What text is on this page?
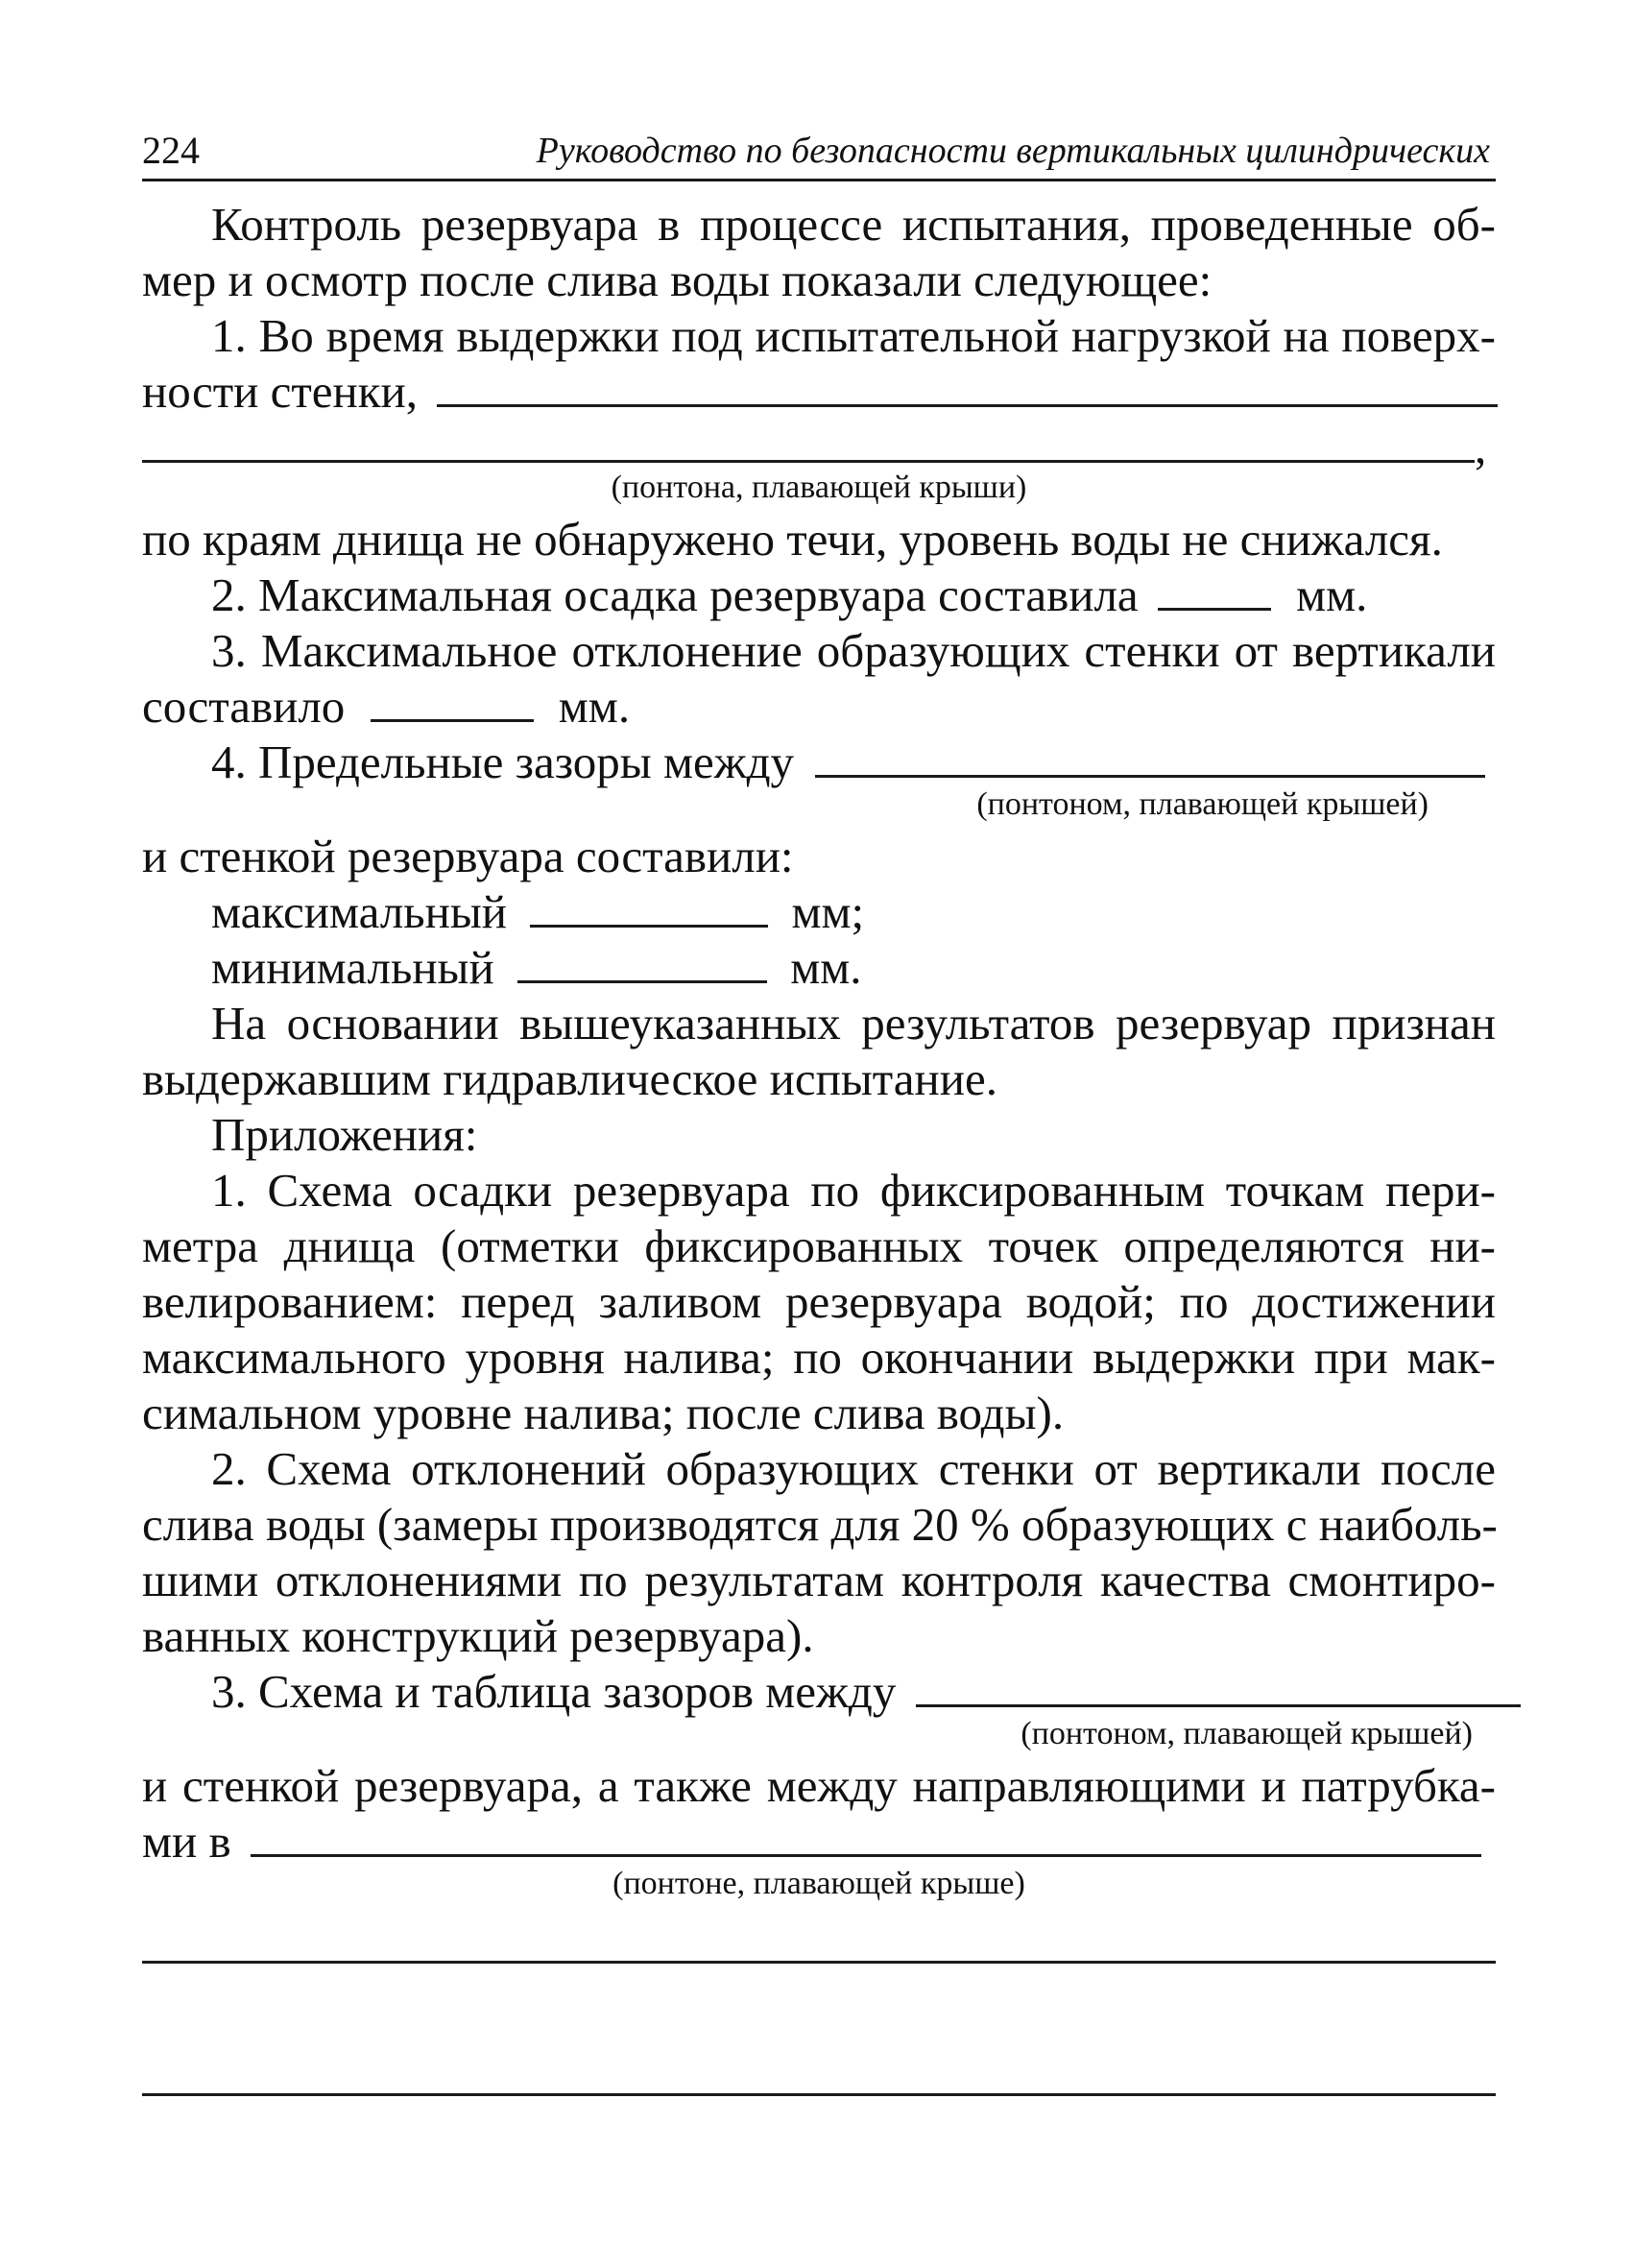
224	Руководство по безопасности вертикальных цилиндрических
Контроль резервуара в процессе испытания, проведенные об-
мер и осмотр после слива воды показали следующее:
1. Во время выдержки под испытательной нагрузкой на поверх-
ности стенки,
,
(понтона, плавающей крыши)
по краям днища не обнаружено течи, уровень воды не снижался.
2. Максимальная осадка резервуара составила	мм.
3. Максимальное отклонение образующих стенки от вертикали
составило	мм.
4. Предельные зазоры между
(понтоном, плавающей крышей)
и стенкой резервуара составили:
максимальный	мм;
минимальный	мм.
На основании вышеуказанных результатов резервуар признан
выдержавшим гидравлическое испытание.
Приложения:
1. Схема осадки резервуара по фиксированным точкам пери-
метра днища (отметки фиксированных точек определяются ни-
велированием: перед заливом резервуара водой; по достижении
максимального уровня налива; по окончании выдержки при мак-
симальном уровне налива; после слива воды).
2. Схема отклонений образующих стенки от вертикали после
слива воды (замеры производятся для 20 % образующих с наиболь-
шими отклонениями по результатам контроля качества смонтиро-
ванных конструкций резервуара).
3. Схема и таблица зазоров между
(понтоном, плавающей крышей)
и стенкой резервуара, а также между направляющими и патрубка-
ми в
(понтоне, плавающей крыше)
